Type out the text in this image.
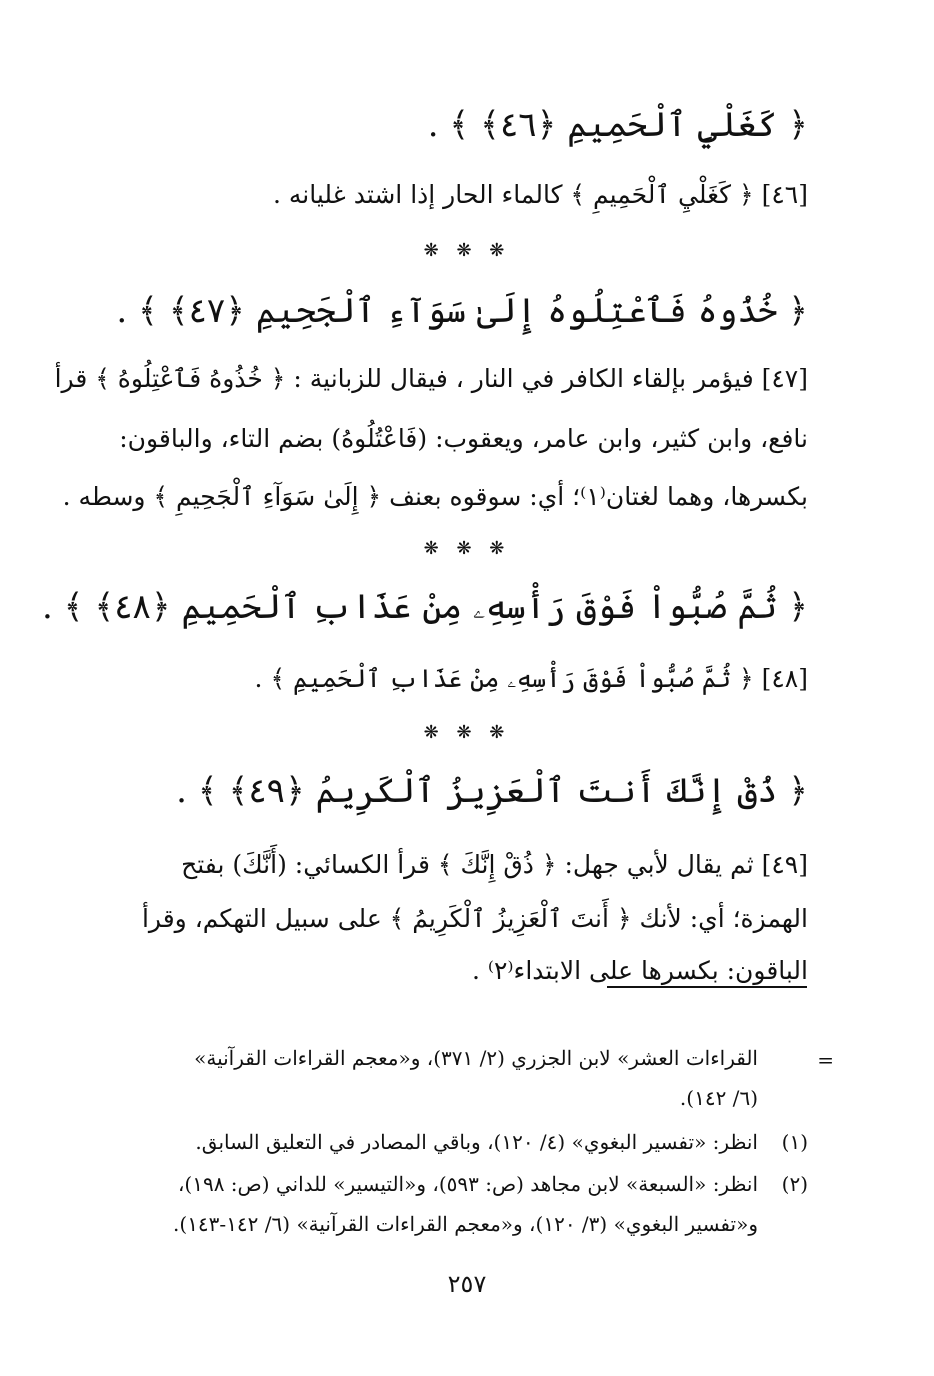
﴿ كَغَلْيِ ٱلْحَمِيمِ ﴿٤٦﴾ ﴾ .
[٤٦] ﴿ كَغَلْيِ ٱلْحَمِيمِ ﴾ كالماء الحار إذا اشتد غليانه .
❋ ❋ ❋
﴿ خُذُوهُ فَٱعْتِلُوهُ إِلَىٰ سَوَآءِ ٱلْجَحِيمِ ﴿٤٧﴾ ﴾ .
[٤٧] فيؤمر بإلقاء الكافر في النار ، فيقال للزبانية : ﴿ خُذُوهُ فَٱعْتِلُوهُ ﴾ قرأ
نافع، وابن كثير، وابن عامر، ويعقوب: (فَاعْتُلُوهُ) بضم التاء، والباقون:
بكسرها، وهما لغتان⁽١⁾؛ أي: سوقوه بعنف ﴿ إِلَىٰ سَوَآءِ ٱلْجَحِيمِ ﴾ وسطه .
❋ ❋ ❋
﴿ ثُمَّ صُبُّواْ فَوْقَ رَأْسِهِۦ مِنْ عَذَابِ ٱلْحَمِيمِ ﴿٤٨﴾ ﴾ .
[٤٨] ﴿ ثُمَّ صُبُّواْ فَوْقَ رَأْسِهِۦ مِنْ عَذَابِ ٱلْحَمِيمِ ﴾ .
❋ ❋ ❋
﴿ ذُقْ إِنَّكَ أَنتَ ٱلْعَزِيزُ ٱلْكَرِيمُ ﴿٤٩﴾ ﴾ .
[٤٩] ثم يقال لأبي جهل: ﴿ ذُقْ إِنَّكَ ﴾ قرأ الكسائي: (أَنَّكَ) بفتح
الهمزة؛ أي: لأنك ﴿ أَنتَ ٱلْعَزِيزُ ٱلْكَرِيمُ ﴾ على سبيل التهكم، وقرأ
الباقون: بكسرها على الابتداء⁽٢⁾ .
=
القراءات العشر» لابن الجزري (٢/ ٣٧١)، و«معجم القراءات القرآنية»
(٦/ ١٤٢).
(١)
انظر: «تفسير البغوي» (٤/ ١٢٠)، وباقي المصادر في التعليق السابق.
(٢)
انظر: «السبعة» لابن مجاهد (ص: ٥٩٣)، و«التيسير» للداني (ص: ١٩٨)،
و«تفسير البغوي» (٣/ ١٢٠)، و«معجم القراءات القرآنية» (٦/ ١٤٢-١٤٣).
٢٥٧
